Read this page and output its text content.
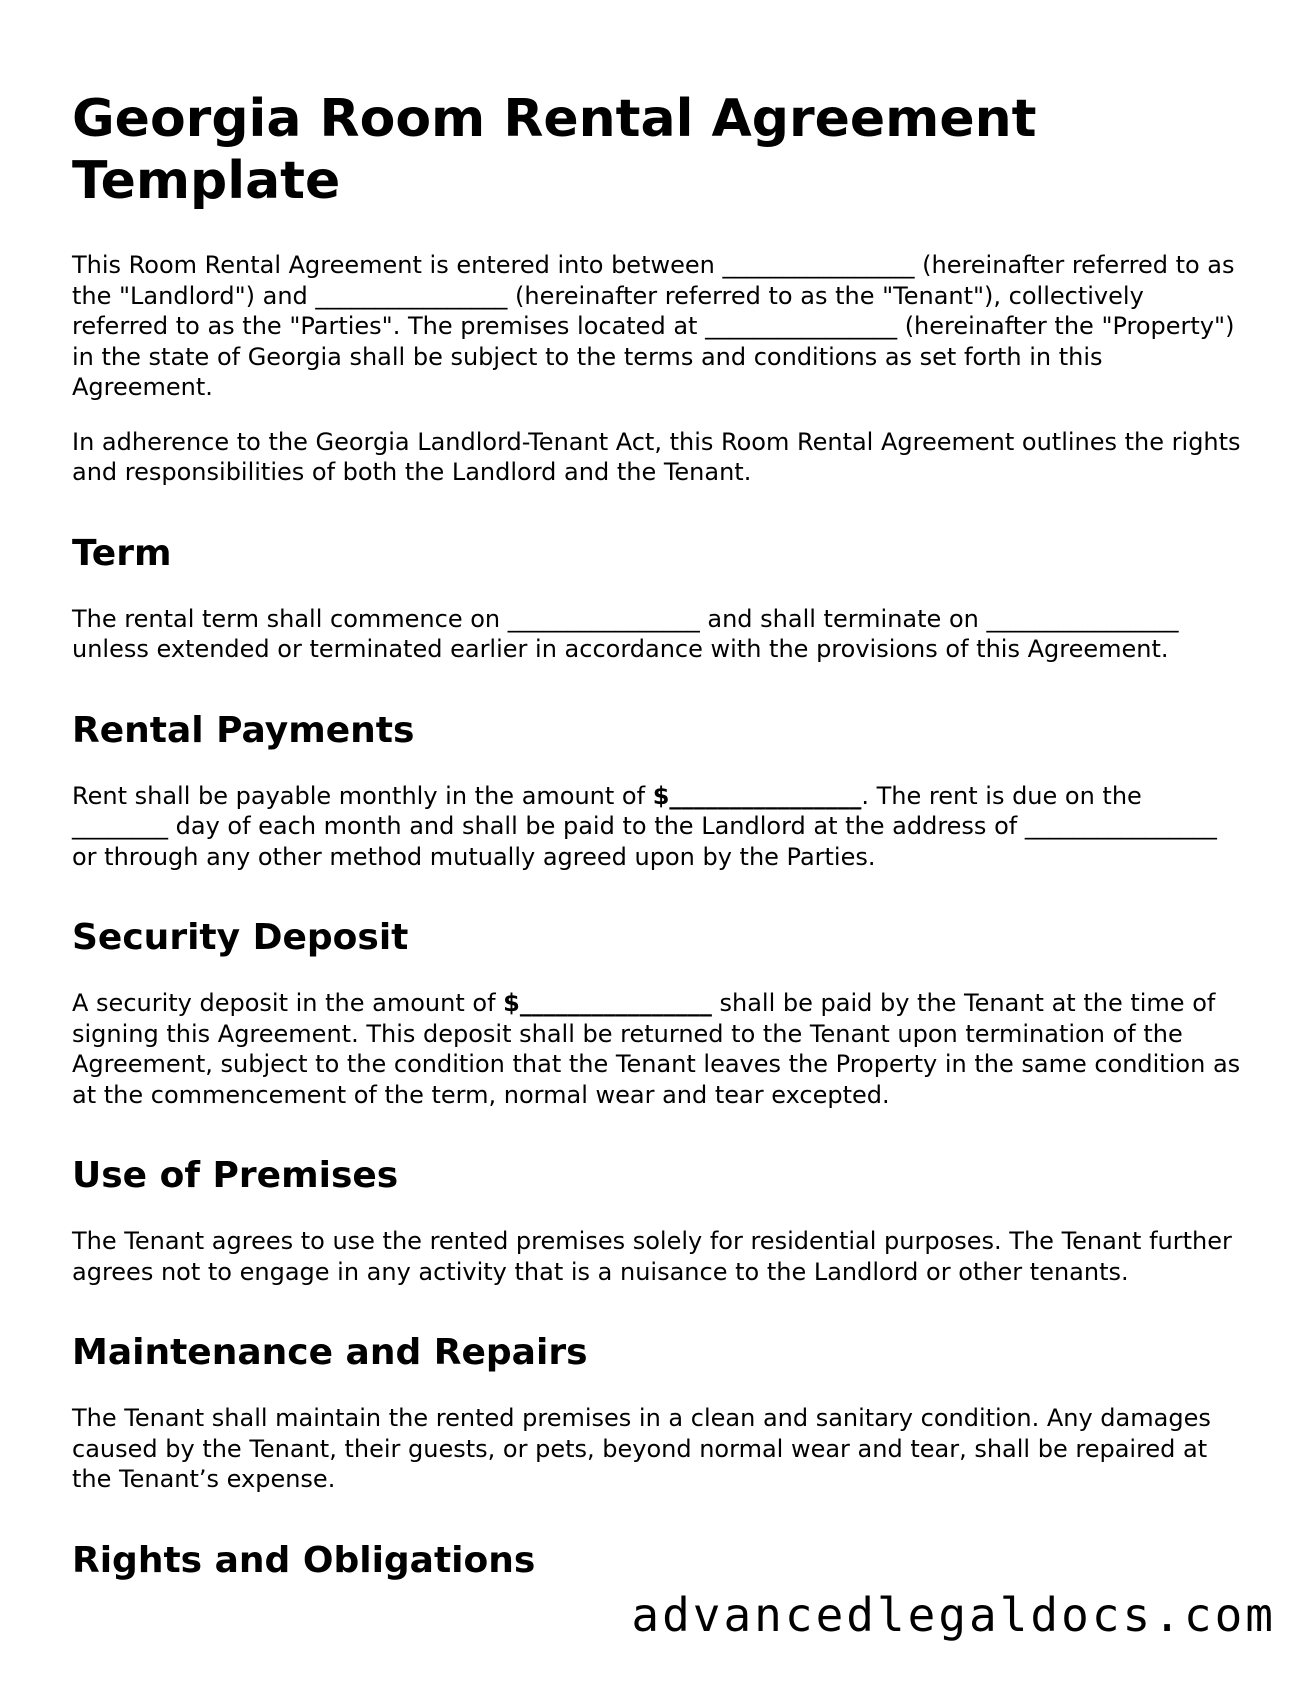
Georgia Room Rental Agreement Template

This Room Rental Agreement is entered into between ________________ (hereinafter referred to as the "Landlord") and ________________ (hereinafter referred to as the "Tenant"), collectively referred to as the "Parties". The premises located at ________________ (hereinafter the "Property") in the state of Georgia shall be subject to the terms and conditions as set forth in this Agreement.

In adherence to the Georgia Landlord-Tenant Act, this Room Rental Agreement outlines the rights and responsibilities of both the Landlord and the Tenant.

Term

The rental term shall commence on ________________ and shall terminate on ________________ unless extended or terminated earlier in accordance with the provisions of this Agreement.

Rental Payments

Rent shall be payable monthly in the amount of $________________. The rent is due on the ________ day of each month and shall be paid to the Landlord at the address of ________________ or through any other method mutually agreed upon by the Parties.

Security Deposit

A security deposit in the amount of $________________ shall be paid by the Tenant at the time of signing this Agreement. This deposit shall be returned to the Tenant upon termination of the Agreement, subject to the condition that the Tenant leaves the Property in the same condition as at the commencement of the term, normal wear and tear excepted.

Use of Premises

The Tenant agrees to use the rented premises solely for residential purposes. The Tenant further agrees not to engage in any activity that is a nuisance to the Landlord or other tenants.

Maintenance and Repairs

The Tenant shall maintain the rented premises in a clean and sanitary condition. Any damages caused by the Tenant, their guests, or pets, beyond normal wear and tear, shall be repaired at the Tenant’s expense.

Rights and Obligations
advancedlegaldocs.com
